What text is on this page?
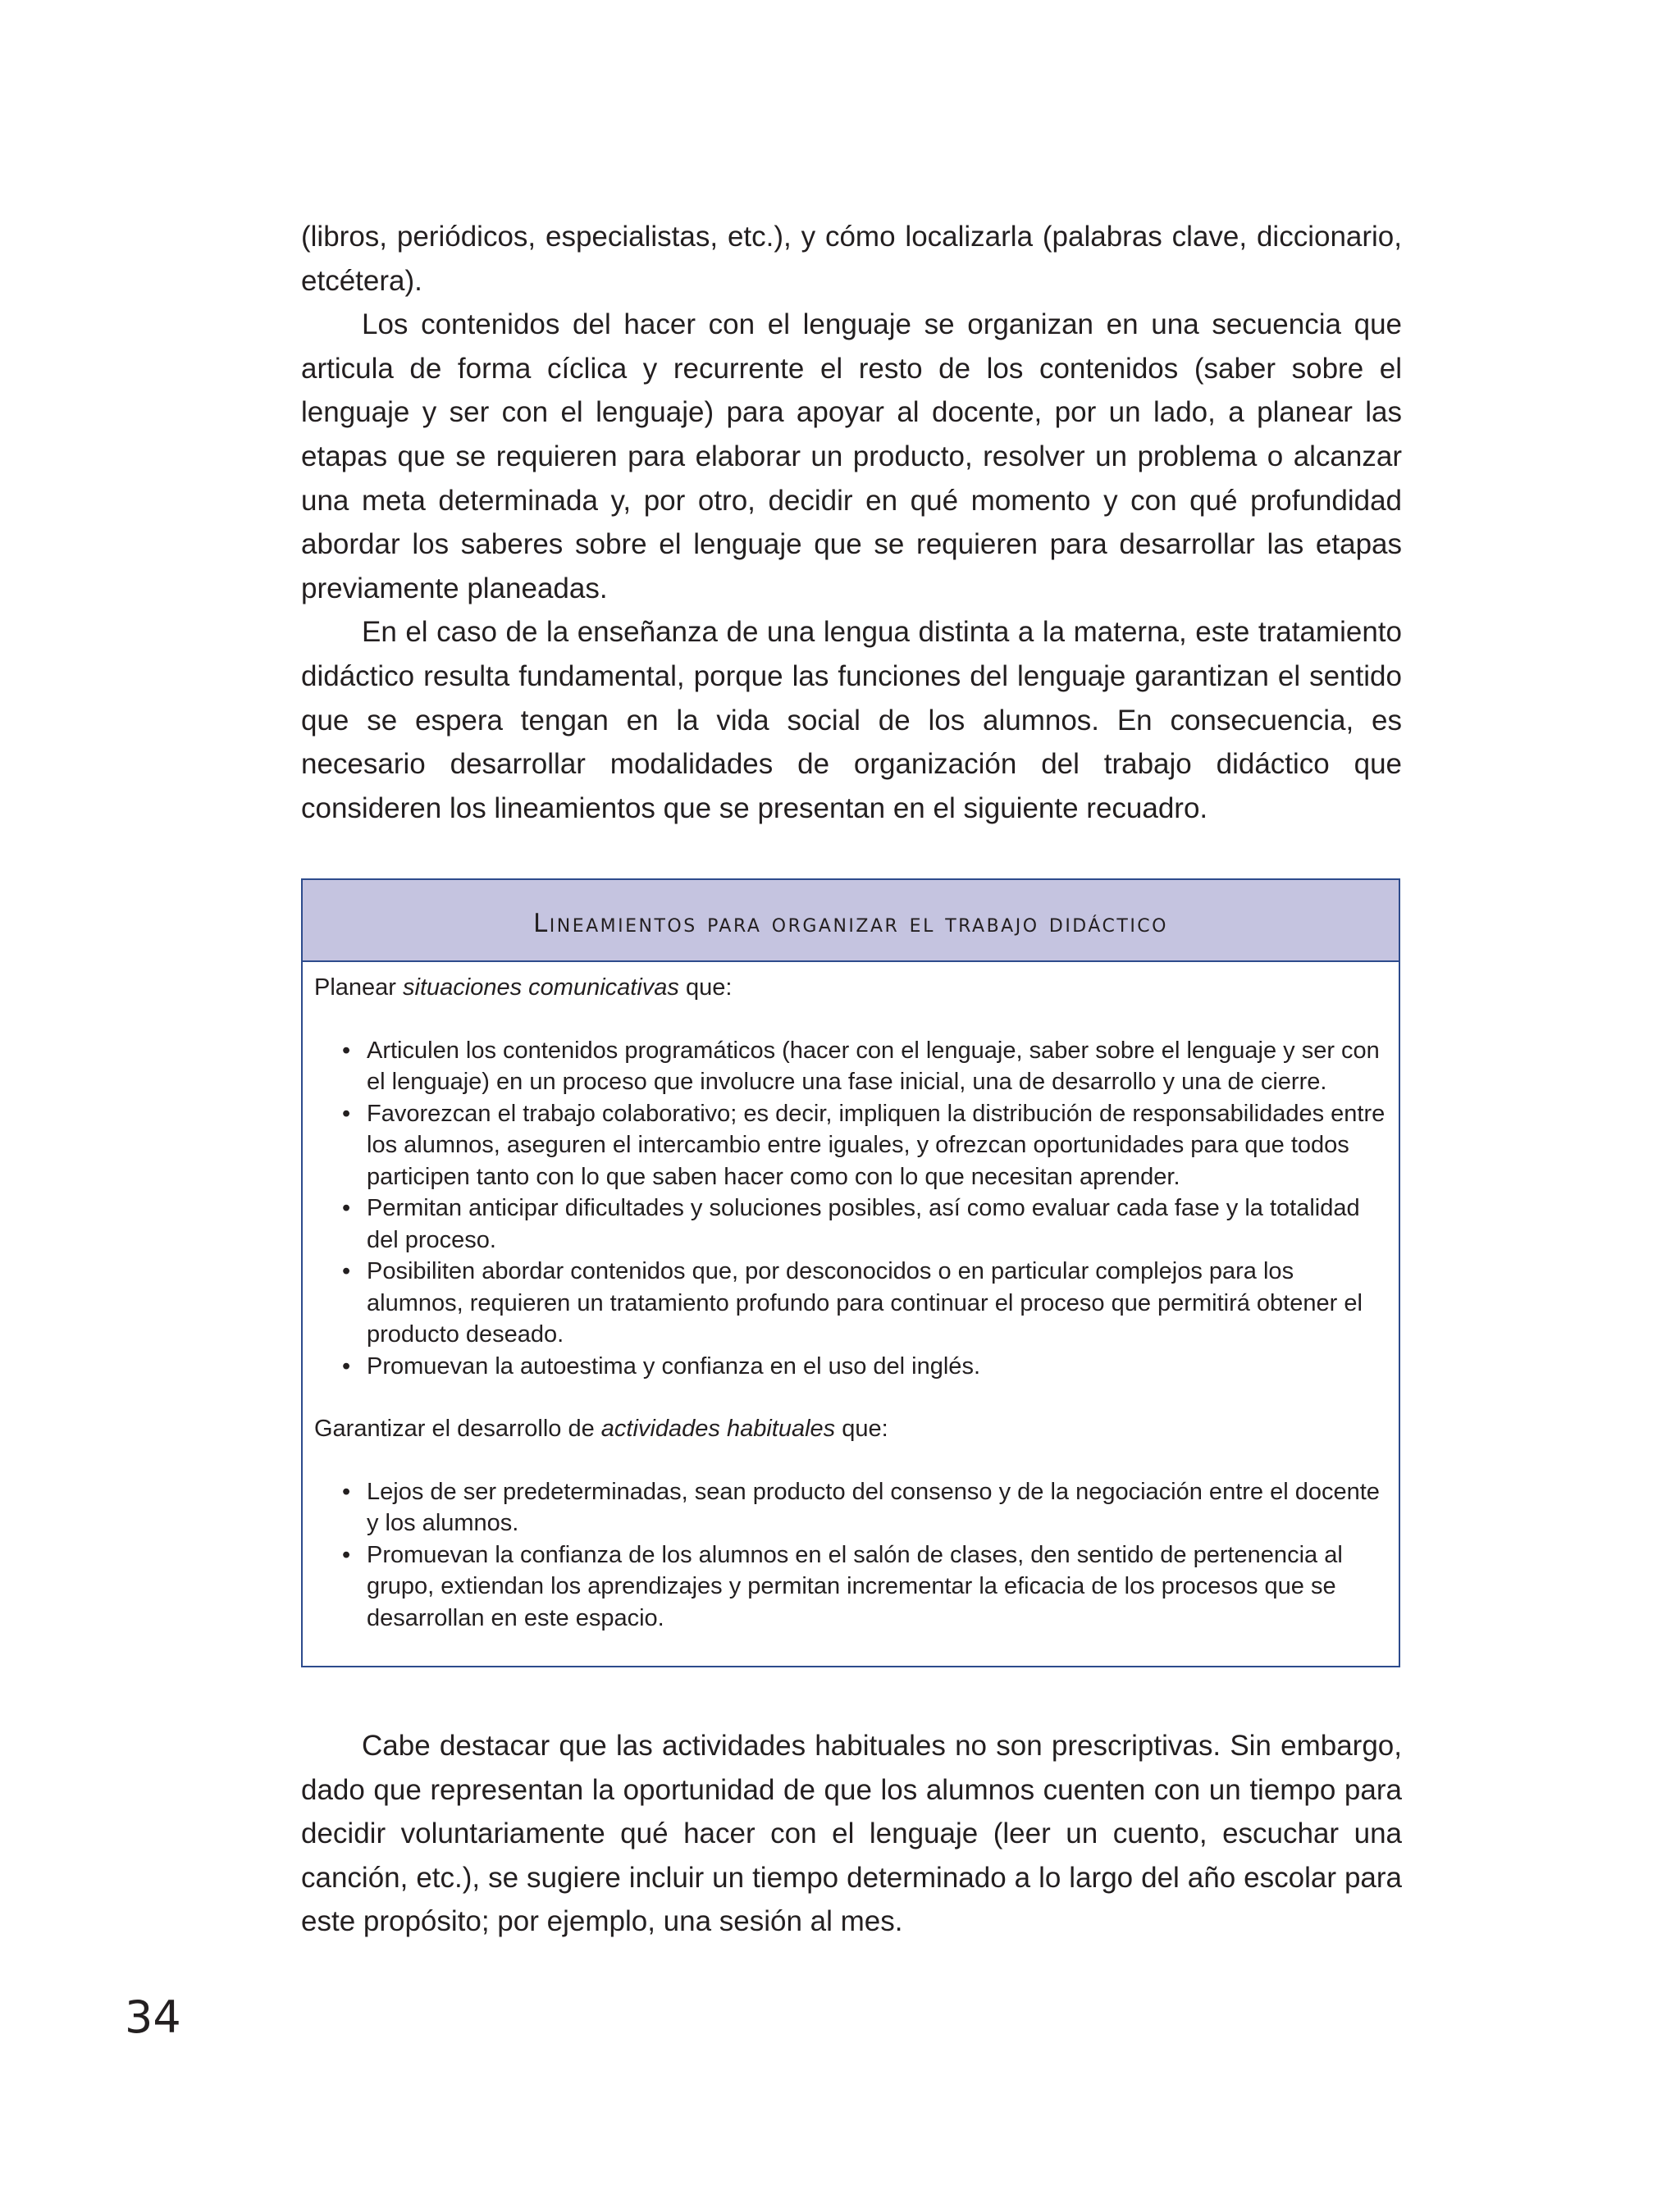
(libros, periódicos, especialistas, etc.), y cómo localizarla (palabras clave, diccionario, etcétera).

Los contenidos del hacer con el lenguaje se organizan en una secuencia que articula de forma cíclica y recurrente el resto de los contenidos (saber sobre el lenguaje y ser con el lenguaje) para apoyar al docente, por un lado, a planear las etapas que se requieren para elaborar un producto, resolver un problema o alcanzar una meta determinada y, por otro, decidir en qué momento y con qué profundidad abordar los saberes sobre el lenguaje que se requieren para desarrollar las etapas previamente planeadas.

En el caso de la enseñanza de una lengua distinta a la materna, este tratamiento didáctico resulta fundamental, porque las funciones del lenguaje garantizan el sentido que se espera tengan en la vida social de los alumnos. En consecuencia, es necesario desarrollar modalidades de organización del trabajo didáctico que consideren los lineamientos que se presentan en el siguiente recuadro.

Lineamientos para organizar el trabajo didáctico

Planear situaciones comunicativas que:

• Articulen los contenidos programáticos (hacer con el lenguaje, saber sobre el lenguaje y ser con el lenguaje) en un proceso que involucre una fase inicial, una de desarrollo y una de cierre.
• Favorezcan el trabajo colaborativo; es decir, impliquen la distribución de responsabilidades entre los alumnos, aseguren el intercambio entre iguales, y ofrezcan oportunidades para que todos participen tanto con lo que saben hacer como con lo que necesitan aprender.
• Permitan anticipar dificultades y soluciones posibles, así como evaluar cada fase y la totalidad del proceso.
• Posibiliten abordar contenidos que, por desconocidos o en particular complejos para los alumnos, requieren un tratamiento profundo para continuar el proceso que permitirá obtener el producto deseado.
• Promuevan la autoestima y confianza en el uso del inglés.

Garantizar el desarrollo de actividades habituales que:

• Lejos de ser predeterminadas, sean producto del consenso y de la negociación entre el docente y los alumnos.
• Promuevan la confianza de los alumnos en el salón de clases, den sentido de pertenencia al grupo, extiendan los aprendizajes y permitan incrementar la eficacia de los procesos que se desarrollan en este espacio.

Cabe destacar que las actividades habituales no son prescriptivas. Sin embargo, dado que representan la oportunidad de que los alumnos cuenten con un tiempo para decidir voluntariamente qué hacer con el lenguaje (leer un cuento, escuchar una canción, etc.), se sugiere incluir un tiempo determinado a lo largo del año escolar para este propósito; por ejemplo, una sesión al mes.

34
